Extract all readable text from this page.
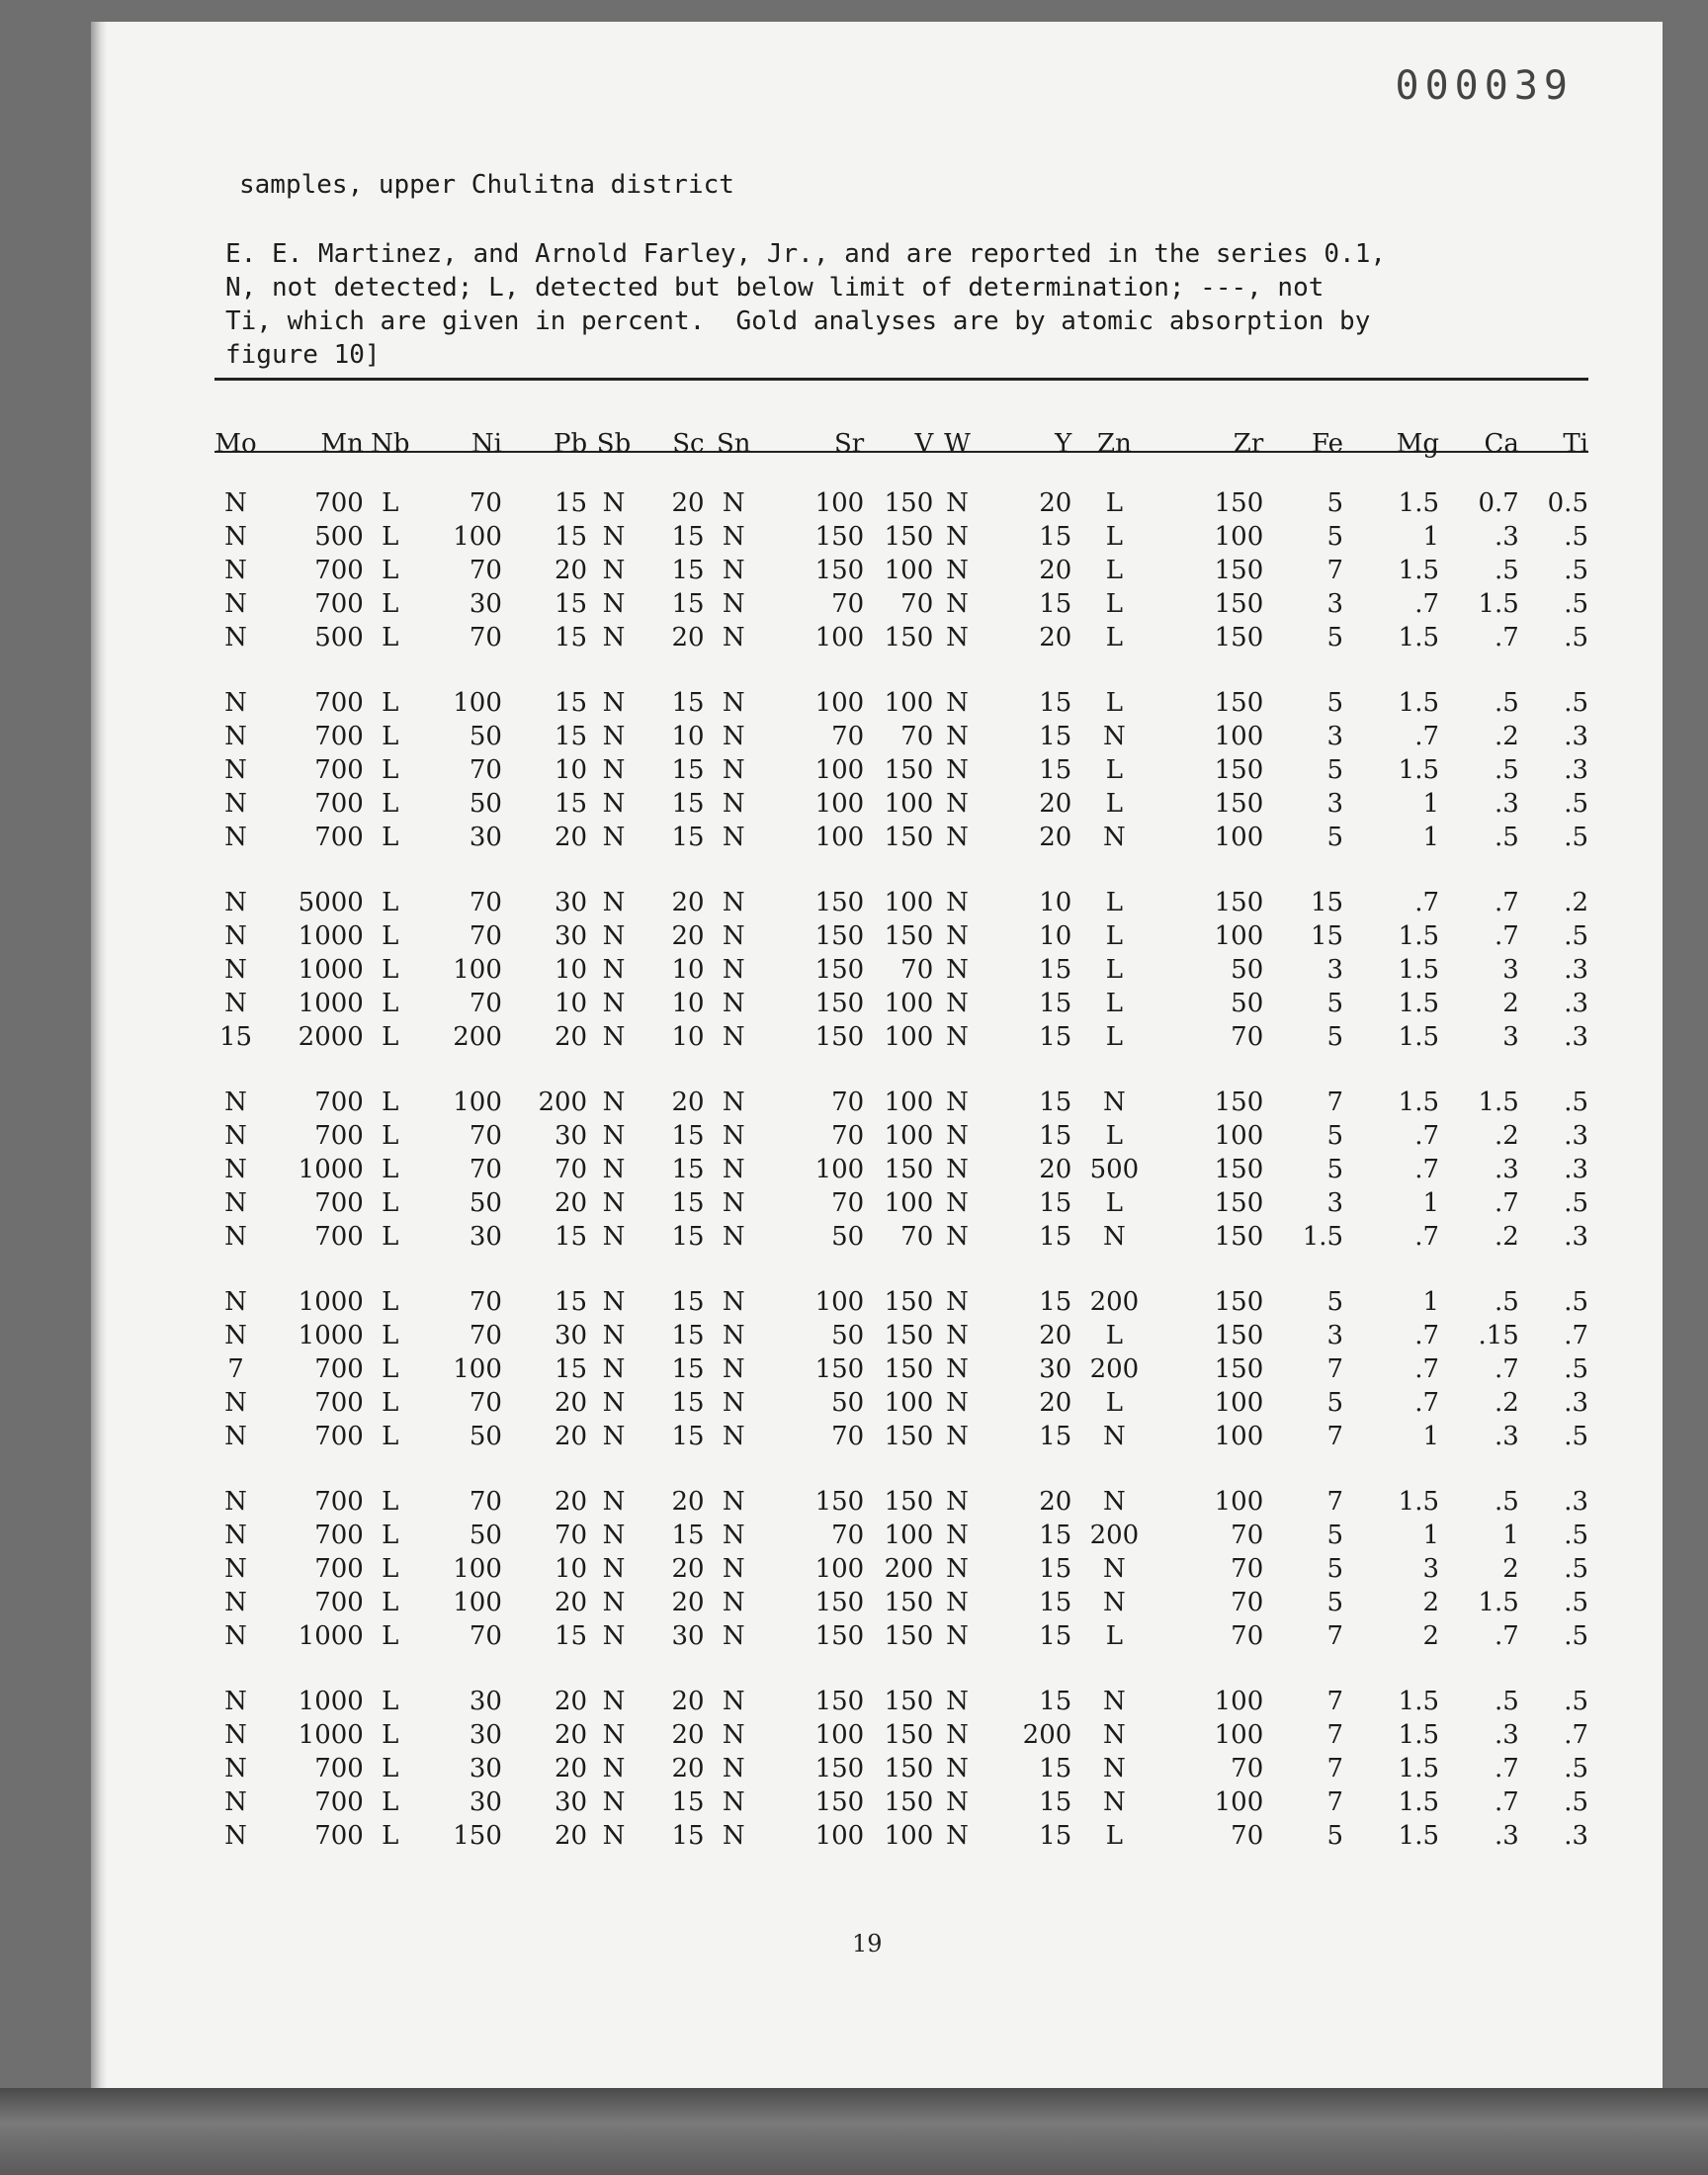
000039
samples, upper Chulitna district
E. E. Martinez, and Arnold Farley, Jr., and are reported in the series 0.1,
N, not detected; L, detected but below limit of determination; ---, not
Ti, which are given in percent.  Gold analyses are by atomic absorption by
figure 10]
Mo	Mn	Nb	Ni	Pb	Sb	Sc	Sn	Sr	V	W	Y	Zn	Zr	Fe	Mg	Ca	Ti

N	700	L	70	15	N	20	N	100	150	N	20	L	150	5	1.5	0.7	0.5
N	500	L	100	15	N	15	N	150	150	N	15	L	100	5	1	.3	.5
N	700	L	70	20	N	15	N	150	100	N	20	L	150	7	1.5	.5	.5
N	700	L	30	15	N	15	N	70	70	N	15	L	150	3	.7	1.5	.5
N	500	L	70	15	N	20	N	100	150	N	20	L	150	5	1.5	.7	.5

N	700	L	100	15	N	15	N	100	100	N	15	L	150	5	1.5	.5	.5
N	700	L	50	15	N	10	N	70	70	N	15	N	100	3	.7	.2	.3
N	700	L	70	10	N	15	N	100	150	N	15	L	150	5	1.5	.5	.3
N	700	L	50	15	N	15	N	100	100	N	20	L	150	3	1	.3	.5
N	700	L	30	20	N	15	N	100	150	N	20	N	100	5	1	.5	.5

N	5000	L	70	30	N	20	N	150	100	N	10	L	150	15	.7	.7	.2
N	1000	L	70	30	N	20	N	150	150	N	10	L	100	15	1.5	.7	.5
N	1000	L	100	10	N	10	N	150	70	N	15	L	50	3	1.5	3	.3
N	1000	L	70	10	N	10	N	150	100	N	15	L	50	5	1.5	2	.3
15	2000	L	200	20	N	10	N	150	100	N	15	L	70	5	1.5	3	.3

N	700	L	100	200	N	20	N	70	100	N	15	N	150	7	1.5	1.5	.5
N	700	L	70	30	N	15	N	70	100	N	15	L	100	5	.7	.2	.3
N	1000	L	70	70	N	15	N	100	150	N	20	500	150	5	.7	.3	.3
N	700	L	50	20	N	15	N	70	100	N	15	L	150	3	1	.7	.5
N	700	L	30	15	N	15	N	50	70	N	15	N	150	1.5	.7	.2	.3

N	1000	L	70	15	N	15	N	100	150	N	15	200	150	5	1	.5	.5
N	1000	L	70	30	N	15	N	50	150	N	20	L	150	3	.7	.15	.7
7	700	L	100	15	N	15	N	150	150	N	30	200	150	7	.7	.7	.5
N	700	L	70	20	N	15	N	50	100	N	20	L	100	5	.7	.2	.3
N	700	L	50	20	N	15	N	70	150	N	15	N	100	7	1	.3	.5

N	700	L	70	20	N	20	N	150	150	N	20	N	100	7	1.5	.5	.3
N	700	L	50	70	N	15	N	70	100	N	15	200	70	5	1	1	.5
N	700	L	100	10	N	20	N	100	200	N	15	N	70	5	3	2	.5
N	700	L	100	20	N	20	N	150	150	N	15	N	70	5	2	1.5	.5
N	1000	L	70	15	N	30	N	150	150	N	15	L	70	7	2	.7	.5

N	1000	L	30	20	N	20	N	150	150	N	15	N	100	7	1.5	.5	.5
N	1000	L	30	20	N	20	N	100	150	N	200	N	100	7	1.5	.3	.7
N	700	L	30	20	N	20	N	150	150	N	15	N	70	7	1.5	.7	.5
N	700	L	30	30	N	15	N	150	150	N	15	N	100	7	1.5	.7	.5
N	700	L	150	20	N	15	N	100	100	N	15	L	70	5	1.5	.3	.3
19
